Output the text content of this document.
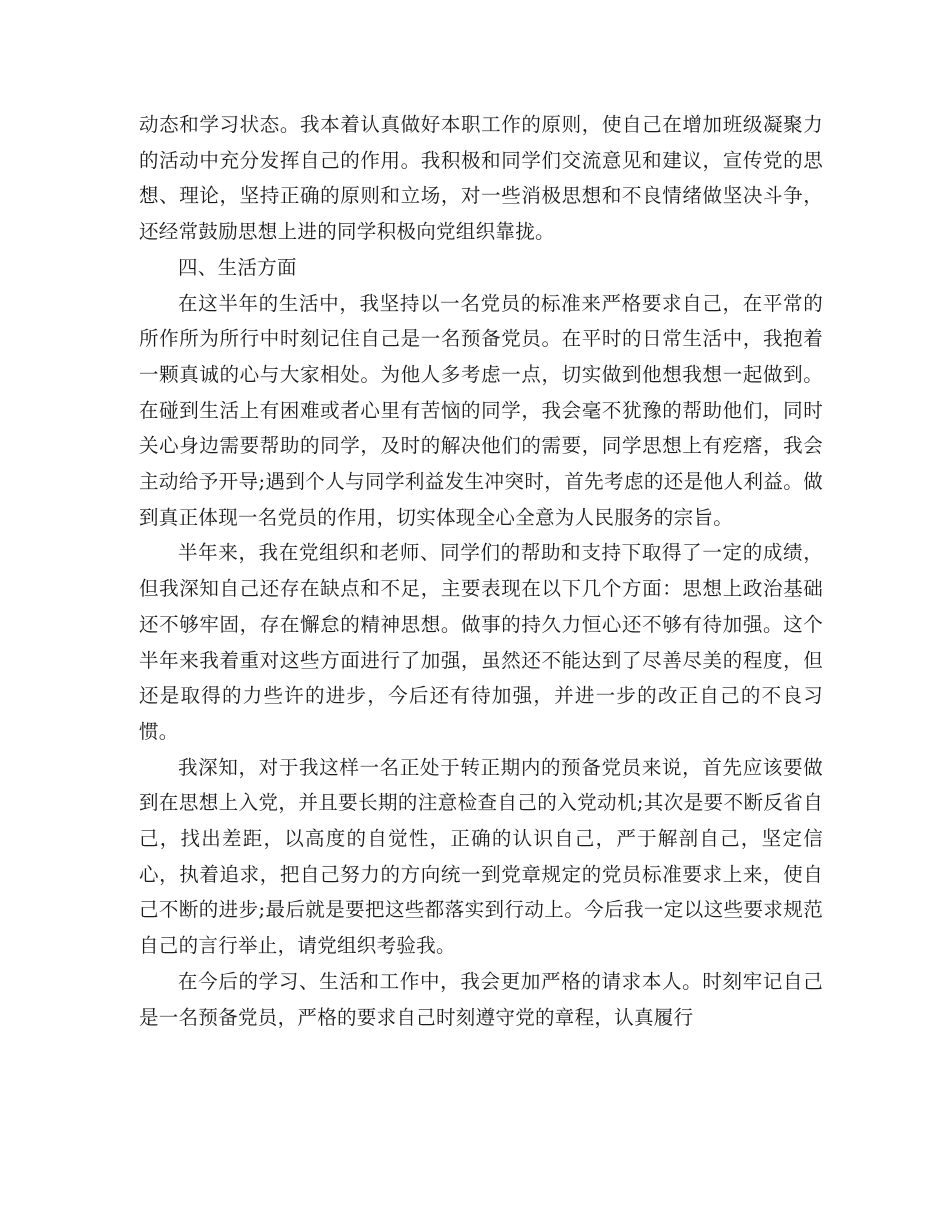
动态和学习状态。我本着认真做好本职工作的原则，使自己在增加班级凝聚力的活动中充分发挥自己的作用。我积极和同学们交流意见和建议，宣传党的思想、理论，坚持正确的原则和立场，对一些消极思想和不良情绪做坚决斗争，还经常鼓励思想上进的同学积极向党组织靠拢。

四、生活方面

在这半年的生活中，我坚持以一名党员的标准来严格要求自己，在平常的所作所为所行中时刻记住自己是一名预备党员。在平时的日常生活中，我抱着一颗真诚的心与大家相处。为他人多考虑一点，切实做到他想我想一起做到。在碰到生活上有困难或者心里有苦恼的同学，我会毫不犹豫的帮助他们，同时关心身边需要帮助的同学，及时的解决他们的需要，同学思想上有疙瘩，我会主动给予开导;遇到个人与同学利益发生冲突时，首先考虑的还是他人利益。做到真正体现一名党员的作用，切实体现全心全意为人民服务的宗旨。

半年来，我在党组织和老师、同学们的帮助和支持下取得了一定的成绩，但我深知自己还存在缺点和不足，主要表现在以下几个方面：思想上政治基础还不够牢固，存在懈怠的精神思想。做事的持久力恒心还不够有待加强。这个半年来我着重对这些方面进行了加强，虽然还不能达到了尽善尽美的程度，但还是取得的力些许的进步，今后还有待加强，并进一步的改正自己的不良习惯。

我深知，对于我这样一名正处于转正期内的预备党员来说，首先应该要做到在思想上入党，并且要长期的注意检查自己的入党动机;其次是要不断反省自己，找出差距，以高度的自觉性，正确的认识自己，严于解剖自己，坚定信心，执着追求，把自己努力的方向统一到党章规定的党员标准要求上来，使自己不断的进步;最后就是要把这些都落实到行动上。今后我一定以这些要求规范自己的言行举止，请党组织考验我。

在今后的学习、生活和工作中，我会更加严格的请求本人。时刻牢记自己是一名预备党员，严格的要求自己时刻遵守党的章程，认真履行
